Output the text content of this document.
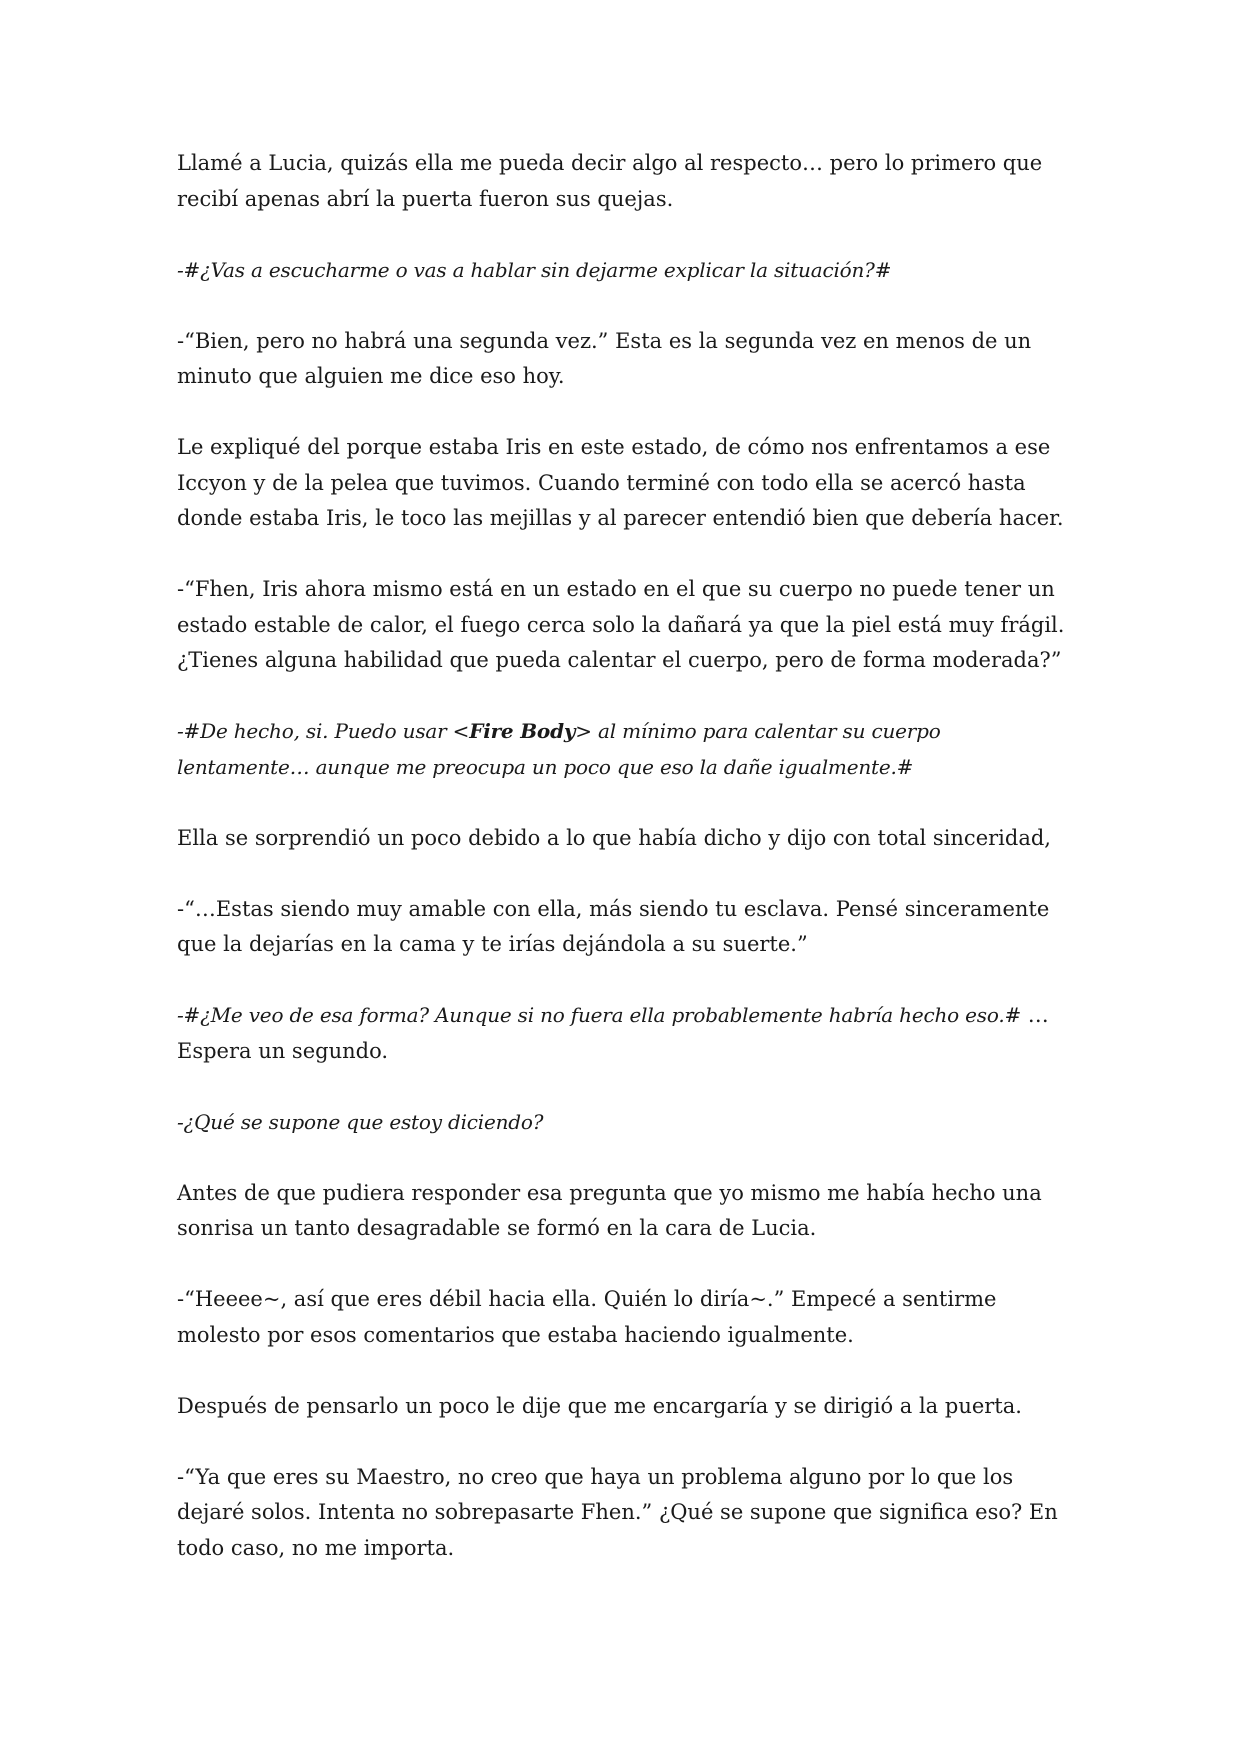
Llamé a Lucia, quizás ella me pueda decir algo al respecto… pero lo primero que recibí apenas abrí la puerta fueron sus quejas.

-#¿Vas a escucharme o vas a hablar sin dejarme explicar la situación?#

-“Bien, pero no habrá una segunda vez.” Esta es la segunda vez en menos de un minuto que alguien me dice eso hoy.

Le expliqué del porque estaba Iris en este estado, de cómo nos enfrentamos a ese Iccyon y de la pelea que tuvimos. Cuando terminé con todo ella se acercó hasta donde estaba Iris, le toco las mejillas y al parecer entendió bien que debería hacer.

-“Fhen, Iris ahora mismo está en un estado en el que su cuerpo no puede tener un estado estable de calor, el fuego cerca solo la dañará ya que la piel está muy frágil. ¿Tienes alguna habilidad que pueda calentar el cuerpo, pero de forma moderada?”

-#De hecho, si. Puedo usar <Fire Body> al mínimo para calentar su cuerpo lentamente… aunque me preocupa un poco que eso la dañe igualmente.#

Ella se sorprendió un poco debido a lo que había dicho y dijo con total sinceridad,

-“…Estas siendo muy amable con ella, más siendo tu esclava. Pensé sinceramente que la dejarías en la cama y te irías dejándola a su suerte.”

-#¿Me veo de esa forma? Aunque si no fuera ella probablemente habría hecho eso.# …Espera un segundo.

-¿Qué se supone que estoy diciendo?

Antes de que pudiera responder esa pregunta que yo mismo me había hecho una sonrisa un tanto desagradable se formó en la cara de Lucia.

-“Heeee~, así que eres débil hacia ella. Quién lo diría~.” Empecé a sentirme molesto por esos comentarios que estaba haciendo igualmente.

Después de pensarlo un poco le dije que me encargaría y se dirigió a la puerta.

-“Ya que eres su Maestro, no creo que haya un problema alguno por lo que los dejaré solos. Intenta no sobrepasarte Fhen.” ¿Qué se supone que significa eso? En todo caso, no me importa.
